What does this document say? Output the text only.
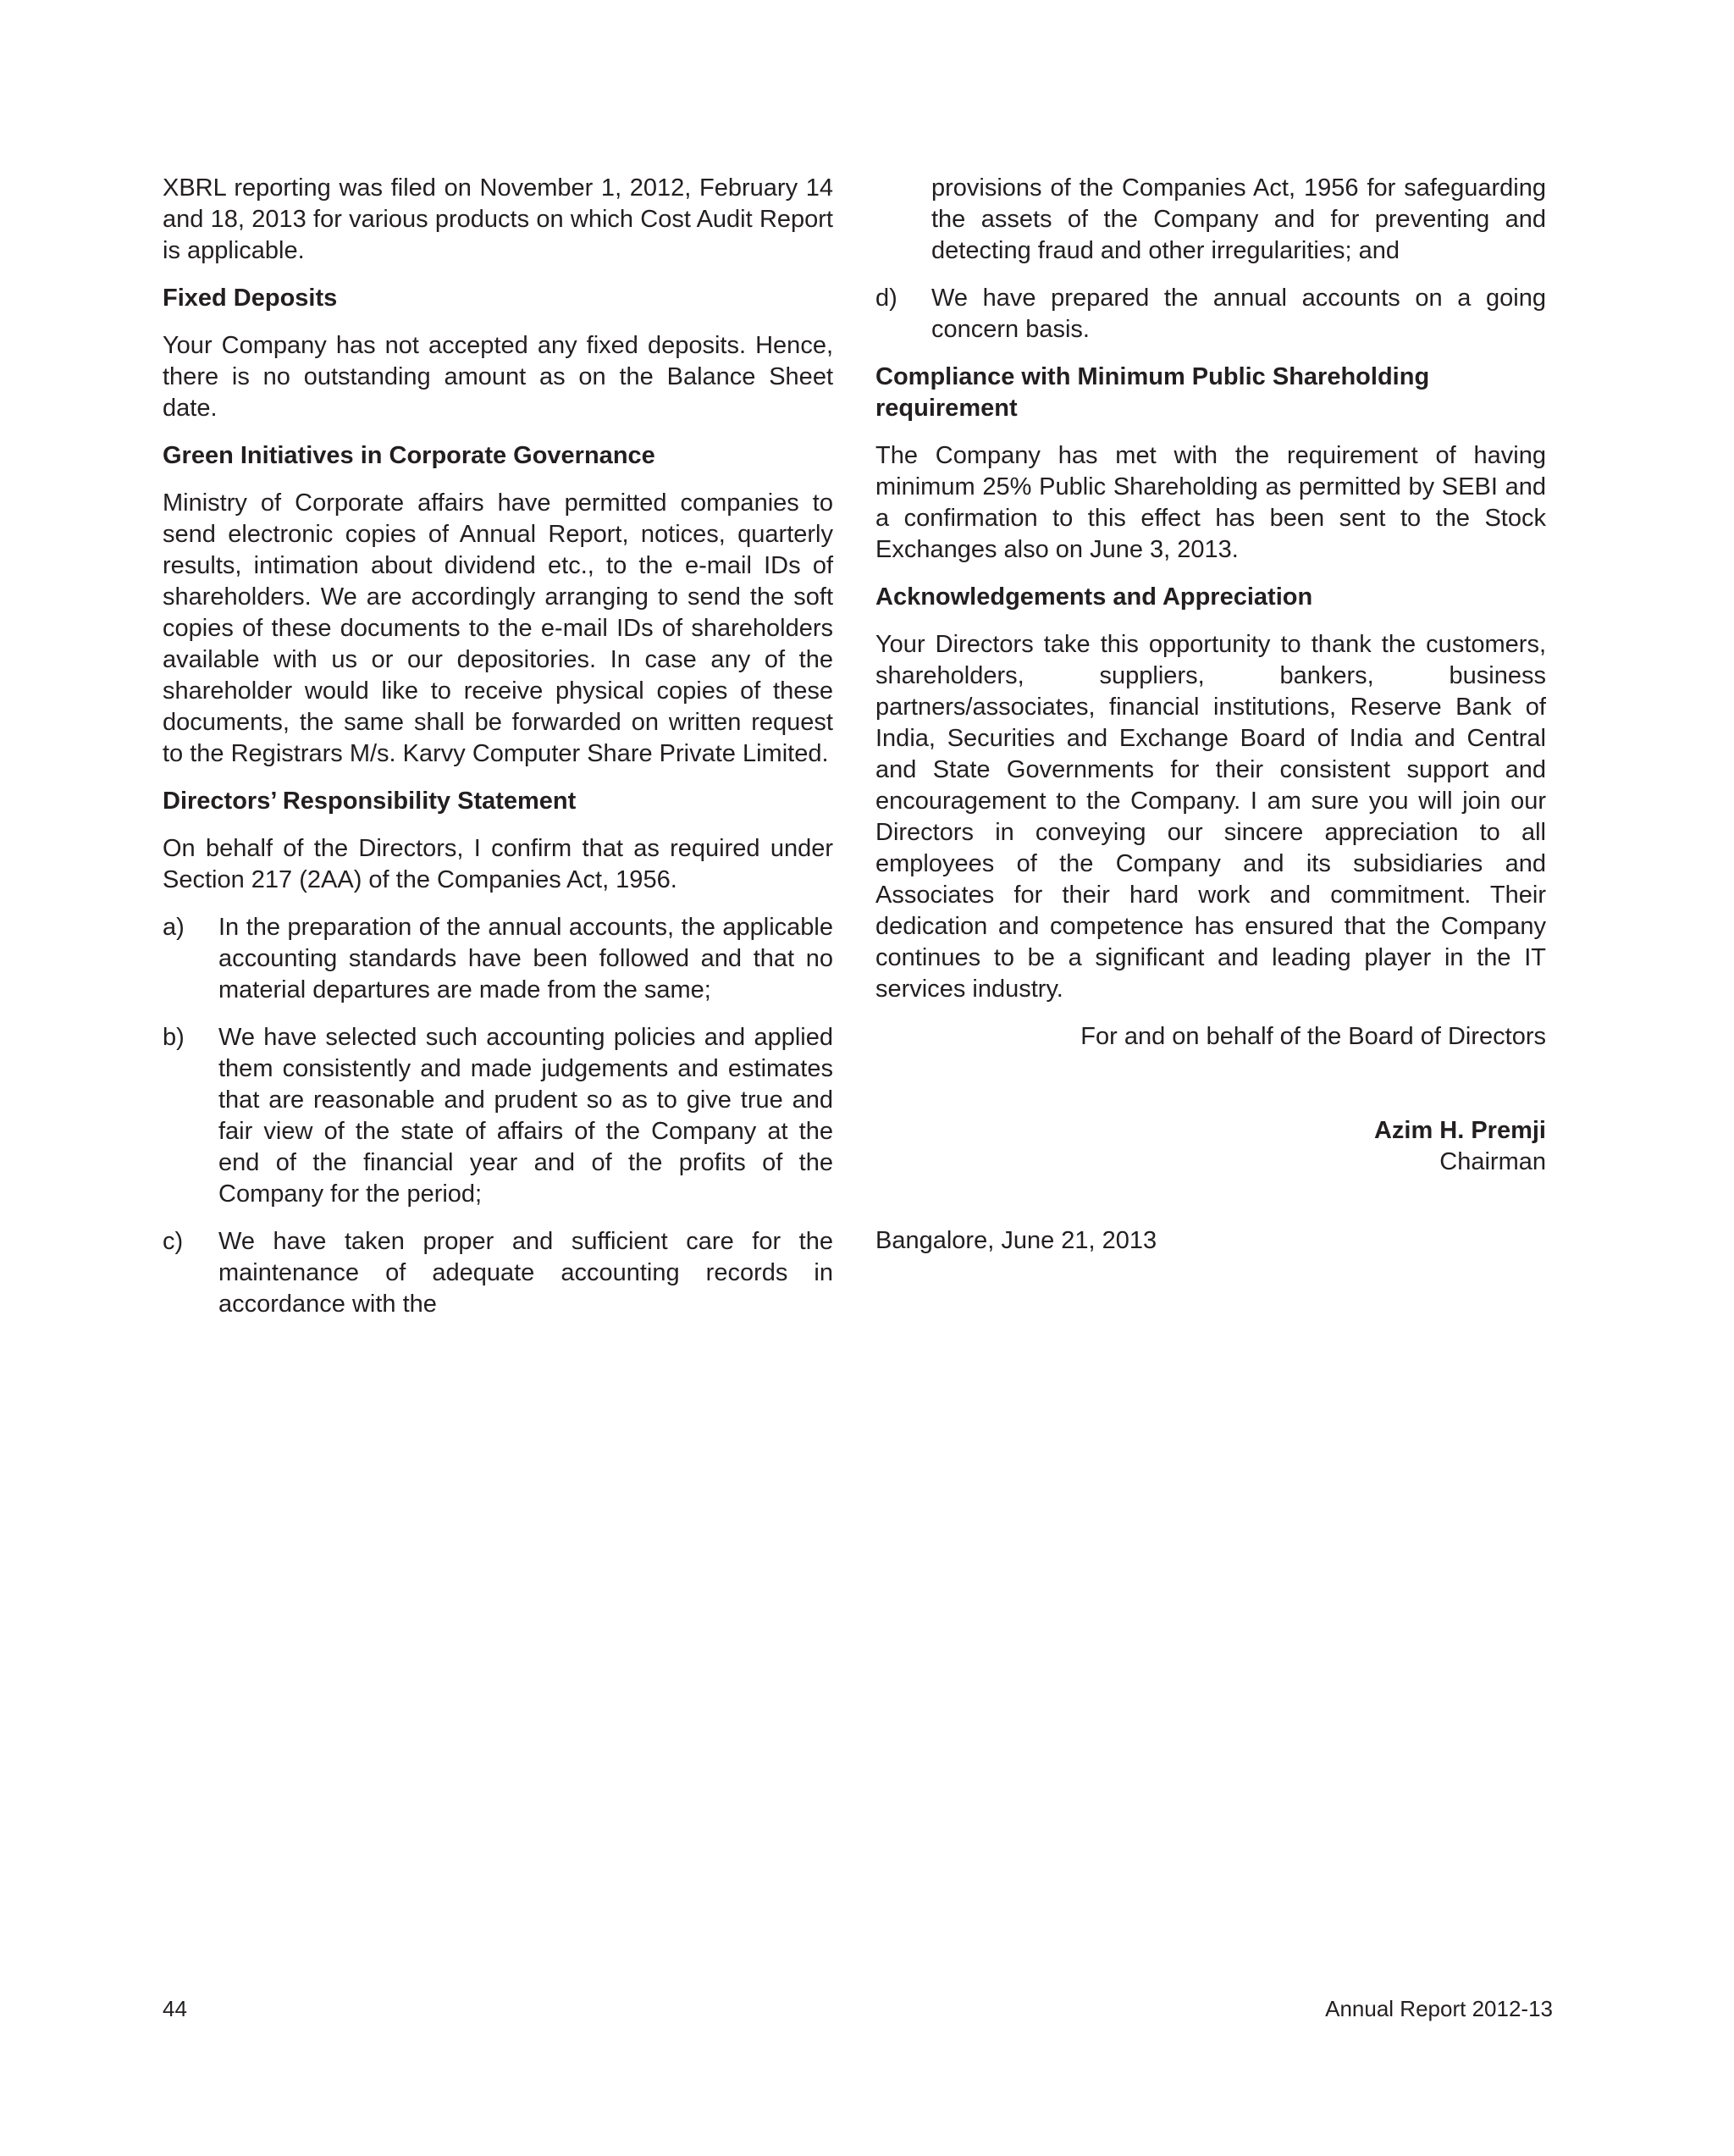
XBRL reporting was filed on November 1, 2012, February 14 and 18, 2013 for various products on which Cost Audit Report is applicable.

Fixed Deposits

Your Company has not accepted any fixed deposits. Hence, there is no outstanding amount as on the Balance Sheet date.

Green Initiatives in Corporate Governance

Ministry of Corporate affairs have permitted companies to send electronic copies of Annual Report, notices, quarterly results, intimation about dividend etc., to the e-mail IDs of shareholders. We are accordingly arranging to send the soft copies of these documents to the e-mail IDs of shareholders available with us or our depositories. In case any of the shareholder would like to receive physical copies of these documents, the same shall be forwarded on written request to the Registrars M/s. Karvy Computer Share Private Limited.

Directors’ Responsibility Statement

On behalf of the Directors, I confirm that as required under Section 217 (2AA) of the Companies Act, 1956.

a)	In the preparation of the annual accounts, the applicable accounting standards have been followed and that no material departures are made from the same;
b)	We have selected such accounting policies and applied them consistently and made judgements and estimates that are reasonable and prudent so as to give true and fair view of the state of affairs of the Company at the end of the financial year and of the profits of the Company for the period;
c)	We have taken proper and sufficient care for the maintenance of adequate accounting records in accordance with the

provisions of the Companies Act, 1956 for safeguarding the assets of the Company and for preventing and detecting fraud and other irregularities; and

d)	We have prepared the annual accounts on a going concern basis.
Compliance with Minimum Public Shareholding requirement

The Company has met with the requirement of having minimum 25% Public Shareholding as permitted by SEBI and a confirmation to this effect has been sent to the Stock Exchanges also on June 3, 2013.

Acknowledgements and Appreciation

Your Directors take this opportunity to thank the customers, shareholders, suppliers, bankers, business partners/associates, financial institutions, Reserve Bank of India, Securities and Exchange Board of India and Central and State Governments for their consistent support and encouragement to the Company. I am sure you will join our Directors in conveying our sincere appreciation to all employees of the Company and its subsidiaries and Associates for their hard work and commitment. Their dedication and competence has ensured that the Company continues to be a significant and leading player in the IT services industry.

For and on behalf of the Board of Directors

Azim H. Premji

Chairman

Bangalore, June 21, 2013

44	Annual Report 2012-13
